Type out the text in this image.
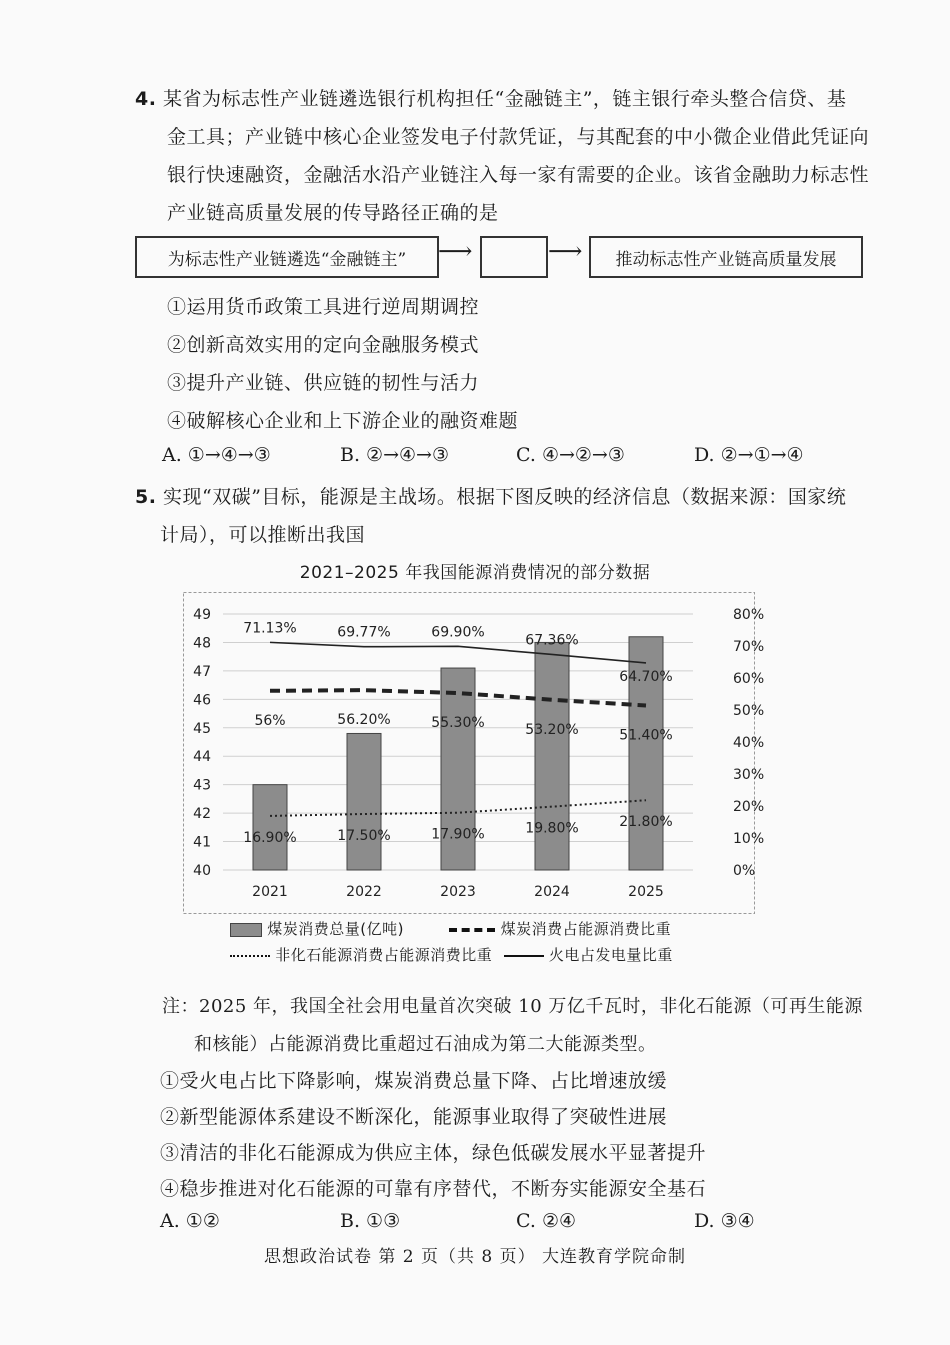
4. 某省为标志性产业链遴选银行机构担任“金融链主”，链主银行牵头整合信贷、基
金工具；产业链中核心企业签发电子付款凭证，与其配套的中小微企业借此凭证向
银行快速融资，金融活水沿产业链注入每一家有需要的企业。该省金融助力标志性
产业链高质量发展的传导路径正确的是
为标志性产业链遴选“金融链主”	⟶	⟶	推动标志性产业链高质量发展
①运用货币政策工具进行逆周期调控
②创新高效实用的定向金融服务模式
③提升产业链、供应链的韧性与活力
④破解核心企业和上下游企业的融资难题
A. ①→④→③	B. ②→④→③	C. ④→②→③	D. ②→①→④
5. 实现“双碳”目标，能源是主战场。根据下图反映的经济信息（数据来源：国家统
计局），可以推断出我国
2021–2025 年我国能源消费情况的部分数据
40
41
42
43
44
45
46
47
48
49
0%
10%
20%
30%
40%
50%
60%
70%
80%
2021	2022	2023	2024	2025
56%	56.20%	55.30%	53.20%	51.40%
16.90%	17.50%	17.90%	19.80%	21.80%
71.13%	69.77%	69.90%
67.36%
64.70%
煤炭消费总量(亿吨)	煤炭消费占能源消费比重
非化石能源消费占能源消费比重	火电占发电量比重
注：2025 年，我国全社会用电量首次突破 10 万亿千瓦时，非化石能源（可再生能源
和核能）占能源消费比重超过石油成为第二大能源类型。
①受火电占比下降影响，煤炭消费总量下降、占比增速放缓
②新型能源体系建设不断深化，能源事业取得了突破性进展
③清洁的非化石能源成为供应主体，绿色低碳发展水平显著提升
④稳步推进对化石能源的可靠有序替代，不断夯实能源安全基石
A. ①②	B. ①③	C. ②④	D. ③④
思想政治试卷 第 2 页（共 8 页） 大连教育学院命制
